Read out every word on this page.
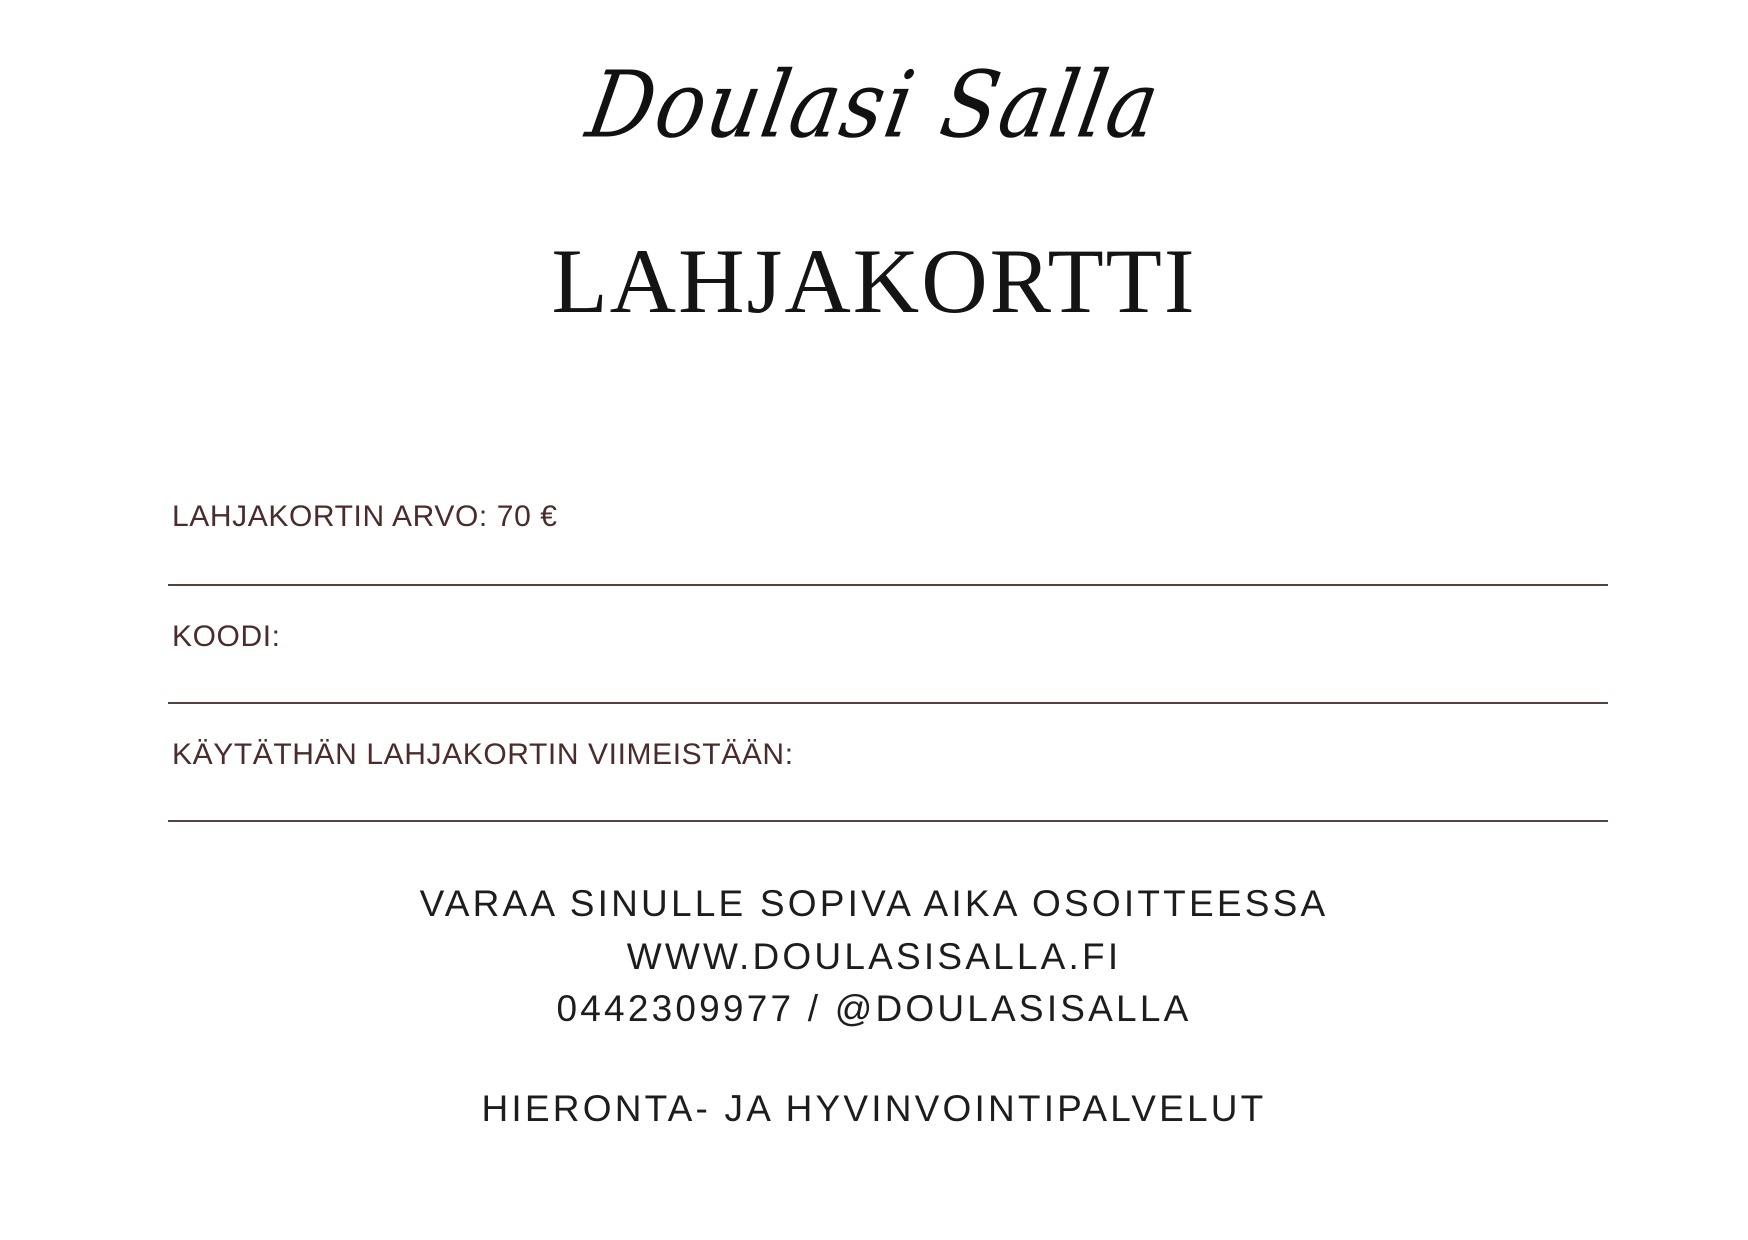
Doulasi Salla
LAHJAKORTTI
LAHJAKORTIN ARVO: 70 €
KOODI:
KÄYTÄTHÄN LAHJAKORTIN VIIMEISTÄÄN:
VARAA SINULLE SOPIVA AIKA OSOITTEESSA
WWW.DOULASISALLA.FI
0442309977 / @DOULASISALLA
HIERONTA- JA HYVINVOINTIPALVELUT
